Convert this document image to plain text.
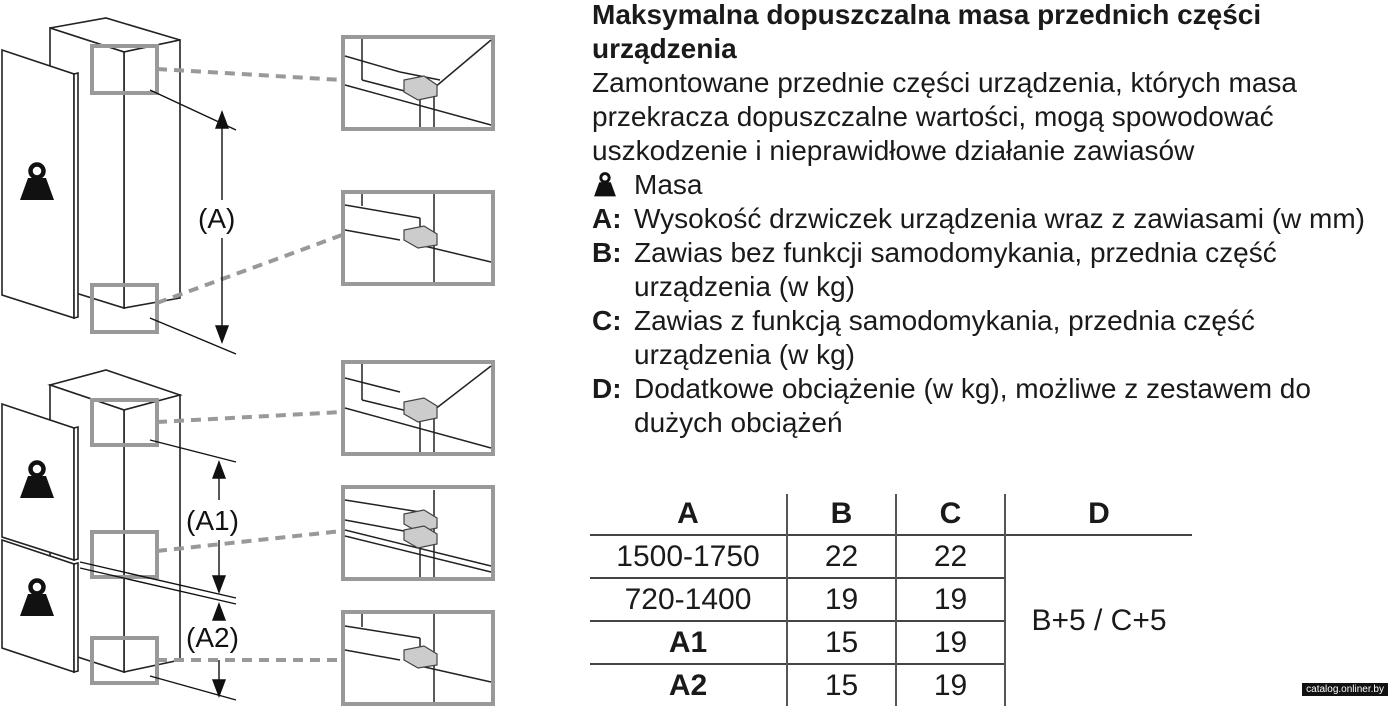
(A)
(A1)
(A2)

Maksymalna dopuszczalna masa przednich części urządzenia

Zamontowane przednie części urządzenia, których masa przekracza dopuszczalne wartości, mogą spowodować uszkodzenie i nieprawidłowe działanie zawiasów

Masa
A: Wysokość drzwiczek urządzenia wraz z zawiasami (w mm)
B: Zawias bez funkcji samodomykania, przednia część urządzenia (w kg)
C: Zawias z funkcją samodomykania, przednia część urządzenia (w kg)
D: Dodatkowe obciążenie (w kg), możliwe z zestawem do dużych obciążeń
A	B	C	D
1500-1750	22	22	B+5 / C+5
720-1400	19	19	
A1	15	19	
A2	15	19		catalog.onliner.by
